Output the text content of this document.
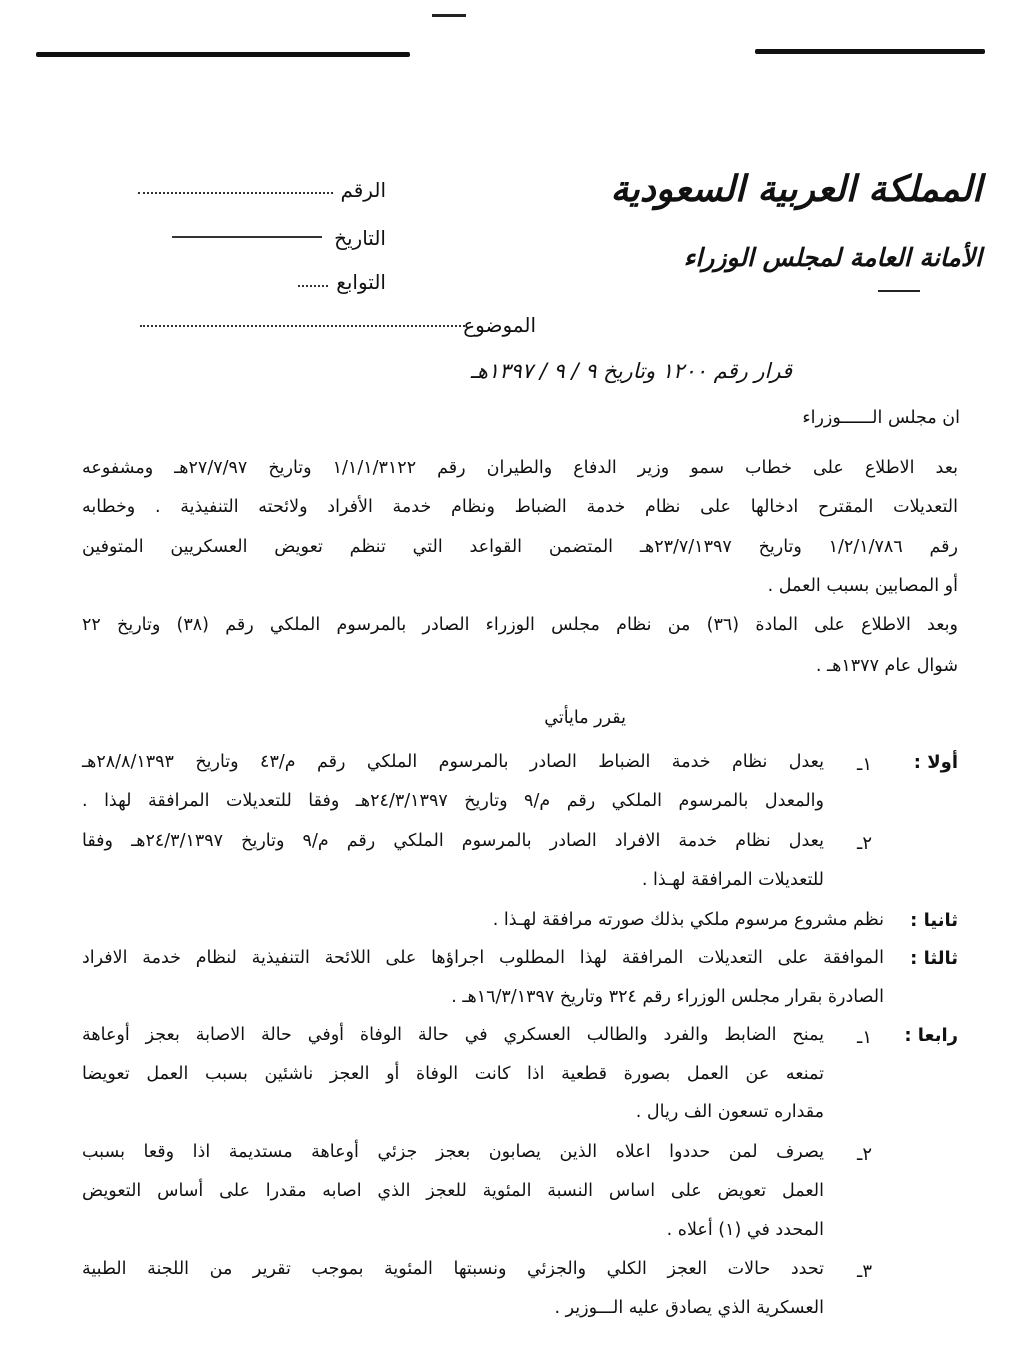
المملكة العربية السعودية
الأمانة العامة لمجلس الوزراء
الرقم
التاريخ
التوابع
الموضوع
قرار رقم ١٢٠٠ وتاريخ ٩ / ٩ / ١٣٩٧هـ
ان مجلس الــــــوزراء
بعد الاطلاع على خطاب سمو وزير الدفاع والطيران رقم ١/١/١/٣١٢٢ وتاريخ ٢٧/٧/٩٧هـ ومشفوعه
التعديلات المقترح ادخالها على نظام خدمة الضباط ونظام خدمة الأفراد ولائحته التنفيذية . وخطابه
رقم ١/٢/١/٧٨٦ وتاريخ ٢٣/٧/١٣٩٧هـ المتضمن القواعد التي تنظم تعويض العسكريين المتوفين
أو المصابين بسبب العمل .
وبعد الاطلاع على المادة (٣٦) من نظام مجلس الوزراء الصادر بالمرسوم الملكي رقم (٣٨) وتاريخ ٢٢
شوال عام ١٣٧٧هـ .
يقرر مايأتي
أولا :
١ـ
يعدل نظام خدمة الضباط الصادر بالمرسوم الملكي رقم م/٤٣ وتاريخ ٢٨/٨/١٣٩٣هـ
والمعدل بالمرسوم الملكي رقم م/٩ وتاريخ ٢٤/٣/١٣٩٧هـ وفقا للتعديلات المرافقة لهذا .
٢ـ
يعدل نظام خدمة الافراد الصادر بالمرسوم الملكي رقم م/٩ وتاريخ ٢٤/٣/١٣٩٧هـ وفقا
للتعديلات المرافقة لهـذا .
ثانيا :
نظم مشروع مرسوم ملكي بذلك صورته مرافقة لهـذا .
ثالثا :
الموافقة على التعديلات المرافقة لهذا المطلوب اجراؤها على اللائحة التنفيذية لنظام خدمة الافراد
الصادرة بقرار مجلس الوزراء رقم ٣٢٤ وتاريخ ١٦/٣/١٣٩٧هـ .
رابعا :
١ـ
يمنح الضابط والفرد والطالب العسكري في حالة الوفاة أوفي حالة الاصابة بعجز أوعاهة
تمنعه عن العمل بصورة قطعية اذا كانت الوفاة أو العجز ناشئين بسبب العمل تعويضا
مقداره تسعون الف ريال .
٢ـ
يصرف لمن حددوا اعلاه الذين يصابون بعجز جزئي أوعاهة مستديمة اذا وقعا بسبب
العمل تعويض على اساس النسبة المئوية للعجز الذي اصابه مقدرا على أساس التعويض
المحدد في (١) أعلاه .
٣ـ
تحدد حالات العجز الكلي والجزئي ونسبتها المئوية بموجب تقرير من اللجنة الطبية
العسكرية الذي يصادق عليه الـــوزير .
